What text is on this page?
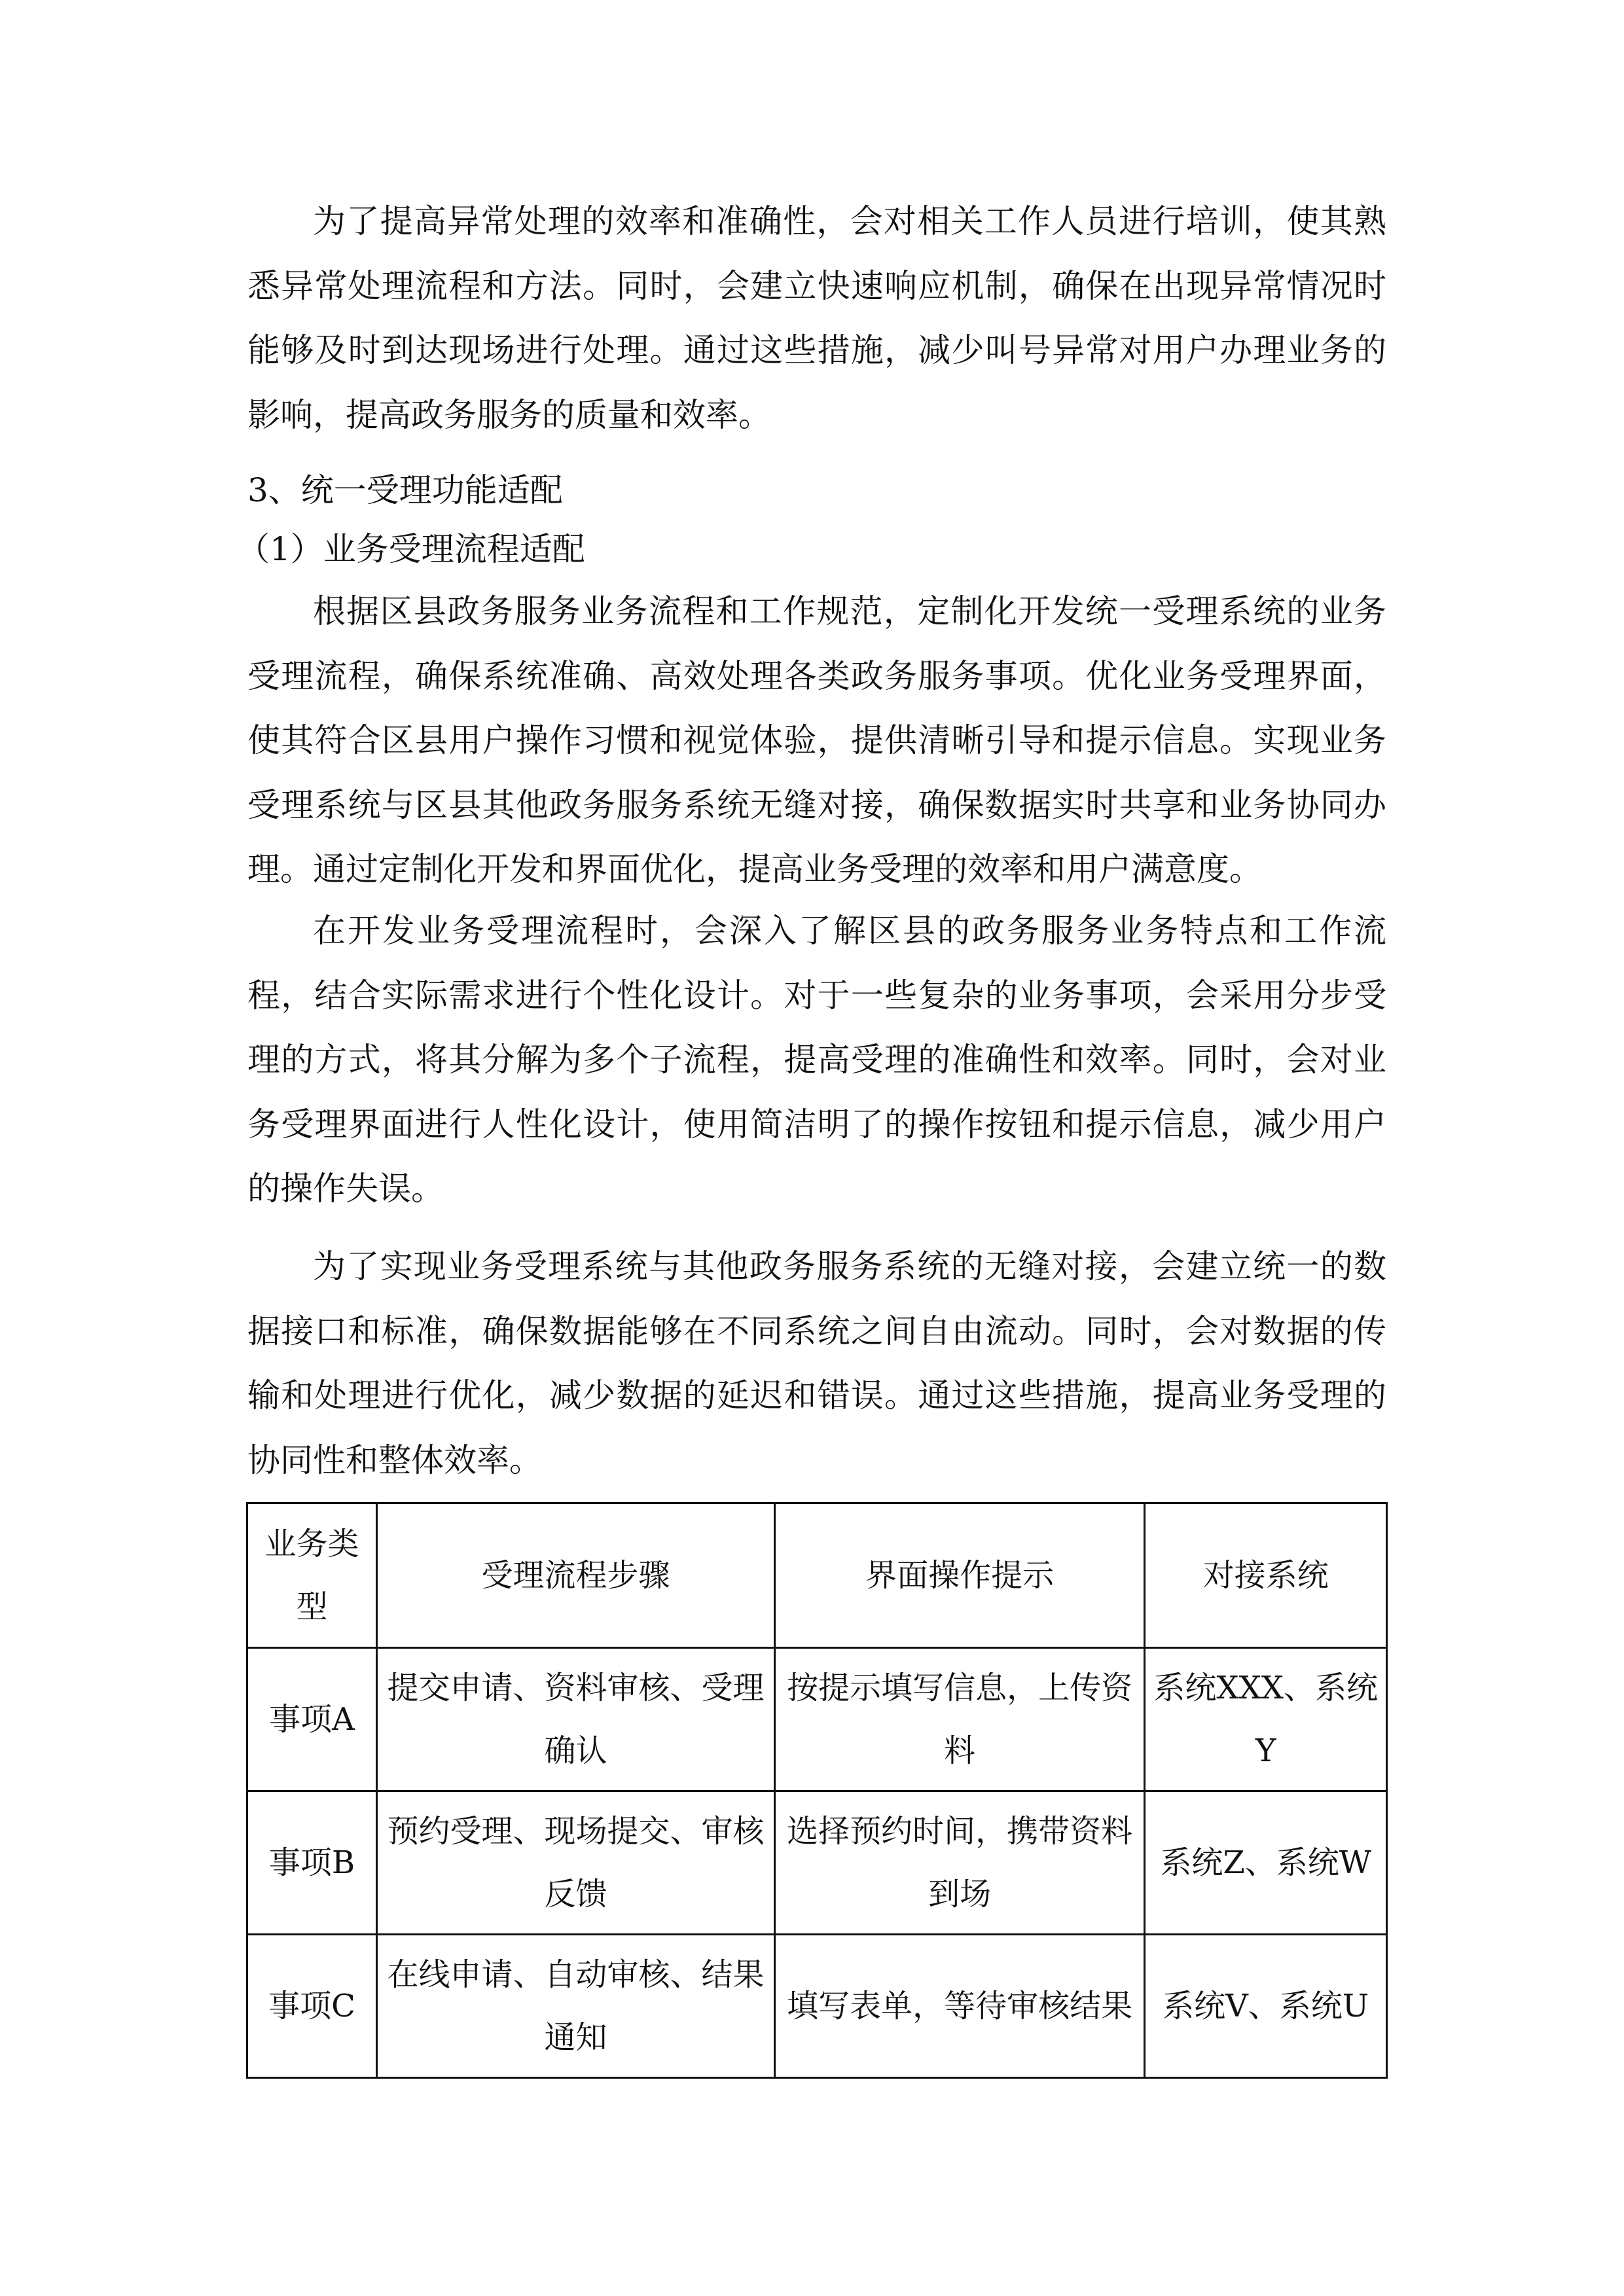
为了提高异常处理的效率和准确性，会对相关工作人员进行培训，使其熟
悉异常处理流程和方法。同时，会建立快速响应机制，确保在出现异常情况时
能够及时到达现场进行处理。通过这些措施，减少叫号异常对用户办理业务的
影响，提高政务服务的质量和效率。
3、统一受理功能适配
（1）业务受理流程适配
根据区县政务服务业务流程和工作规范，定制化开发统一受理系统的业务
受理流程，确保系统准确、高效处理各类政务服务事项。优化业务受理界面，
使其符合区县用户操作习惯和视觉体验，提供清晰引导和提示信息。实现业务
受理系统与区县其他政务服务系统无缝对接，确保数据实时共享和业务协同办
理。通过定制化开发和界面优化，提高业务受理的效率和用户满意度。
在开发业务受理流程时，会深入了解区县的政务服务业务特点和工作流
程，结合实际需求进行个性化设计。对于一些复杂的业务事项，会采用分步受
理的方式，将其分解为多个子流程，提高受理的准确性和效率。同时，会对业
务受理界面进行人性化设计，使用简洁明了的操作按钮和提示信息，减少用户
的操作失误。
为了实现业务受理系统与其他政务服务系统的无缝对接，会建立统一的数
据接口和标准，确保数据能够在不同系统之间自由流动。同时，会对数据的传
输和处理进行优化，减少数据的延迟和错误。通过这些措施，提高业务受理的
协同性和整体效率。
业务类型	受理流程步骤	界面操作提示	对接系统
事项A	提交申请、资料审核、受理确认	按提示填写信息，上传资料	系统XXX、系统Y
事项B	预约受理、现场提交、审核反馈	选择预约时间，携带资料到场	系统Z、系统W
事项C	在线申请、自动审核、结果通知	填写表单，等待审核结果	系统V、系统U
